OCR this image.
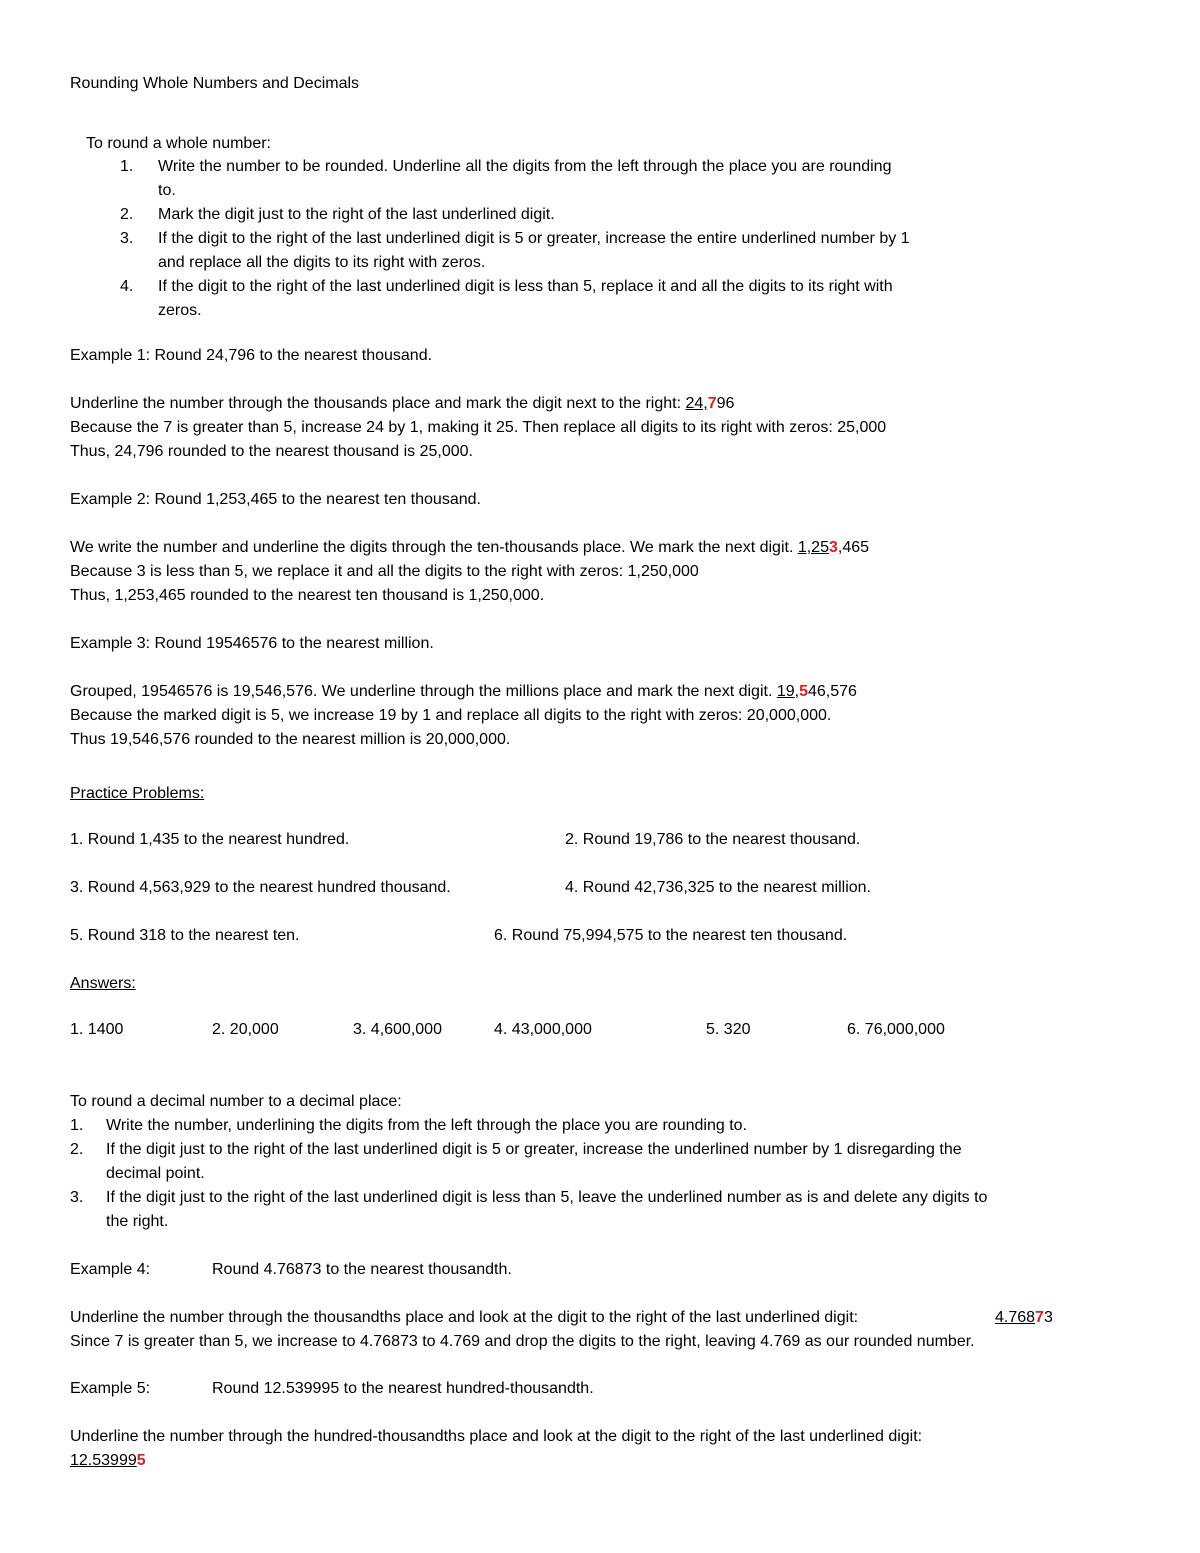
Rounding Whole Numbers and Decimals
To round a whole number:
1. Write the number to be rounded. Underline all the digits from the left through the place you are rounding
to.
2. Mark the digit just to the right of the last underlined digit.
3. If the digit to the right of the last underlined digit is 5 or greater, increase the entire underlined number by 1
and replace all the digits to its right with zeros.
4. If the digit to the right of the last underlined digit is less than 5, replace it and all the digits to its right with
zeros.
Example 1: Round 24,796 to the nearest thousand.
Underline the number through the thousands place and mark the digit next to the right: 24,796
Because the 7 is greater than 5, increase 24 by 1, making it 25. Then replace all digits to its right with zeros: 25,000
Thus, 24,796 rounded to the nearest thousand is 25,000.
Example 2: Round 1,253,465 to the nearest ten thousand.
We write the number and underline the digits through the ten-thousands place. We mark the next digit. 1,253,465
Because 3 is less than 5, we replace it and all the digits to the right with zeros: 1,250,000
Thus, 1,253,465 rounded to the nearest ten thousand is 1,250,000.
Example 3: Round 19546576 to the nearest million.
Grouped, 19546576 is 19,546,576. We underline through the millions place and mark the next digit. 19,546,576
Because the marked digit is 5, we increase 19 by 1 and replace all digits to the right with zeros: 20,000,000.
Thus 19,546,576 rounded to the nearest million is 20,000,000.
Practice Problems:
1. Round 1,435 to the nearest hundred.	2. Round 19,786 to the nearest thousand.
3. Round 4,563,929 to the nearest hundred thousand.	4. Round 42,736,325 to the nearest million.
5. Round 318 to the nearest ten.	6. Round 75,994,575 to the nearest ten thousand.
Answers:
1. 1400	2. 20,000	3. 4,600,000	4. 43,000,000	5. 320	6. 76,000,000
To round a decimal number to a decimal place:
1. Write the number, underlining the digits from the left through the place you are rounding to.
2. If the digit just to the right of the last underlined digit is 5 or greater, increase the underlined number by 1 disregarding the
decimal point.
3. If the digit just to the right of the last underlined digit is less than 5, leave the underlined number as is and delete any digits to
the right.
Example 4:	Round 4.76873 to the nearest thousandth.
Underline the number through the thousandths place and look at the digit to the right of the last underlined digit:	4.76873
Since 7 is greater than 5, we increase to 4.76873 to 4.769 and drop the digits to the right, leaving 4.769 as our rounded number.
Example 5:	Round 12.539995 to the nearest hundred-thousandth.
Underline the number through the hundred-thousandths place and look at the digit to the right of the last underlined digit:
12.539995
